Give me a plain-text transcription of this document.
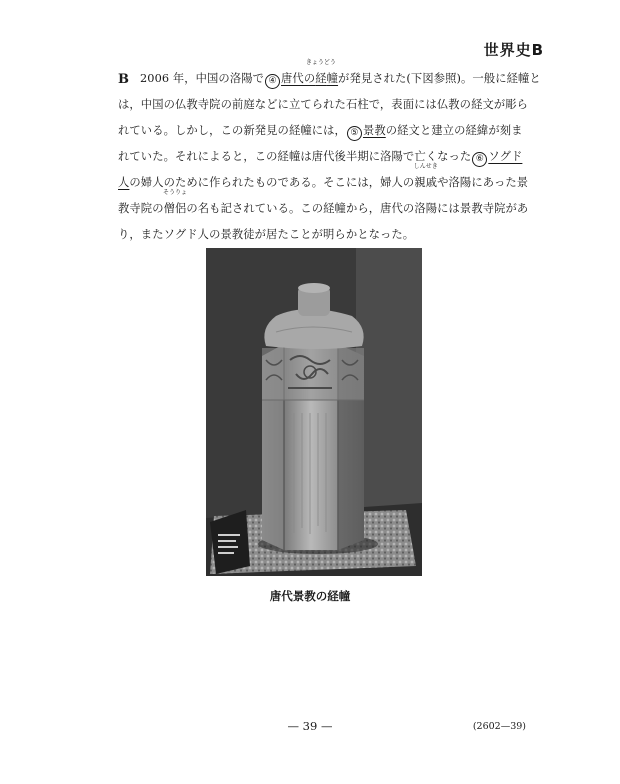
世界史B
B 2006 年，中国の洛陽で ④ 唐代の経
きょうどう
幢が発見された(下図参照)。一般に経幢と
は，中国の仏教寺院の前庭などに立てられた石柱で，表面には仏教の経文が彫ら
れている。しかし，この新発見の経幢には， ⑤ 景教の経文と建立の経緯が刻ま
れていた。それによると，この経幢は唐代後半期に洛陽で亡くなった ⑥ ソグド
人の婦人のために作られたものである。そこには，婦人の親戚
しんせき
や洛陽にあった景
教寺院の僧侶
そうりょ
の名も記されている。この経幢から，唐代の洛陽には景教寺院があ
り，またソグド人の景教徒が居たことが明らかとなった。
唐代景教の経幢
— 39 —	(2602—39)
